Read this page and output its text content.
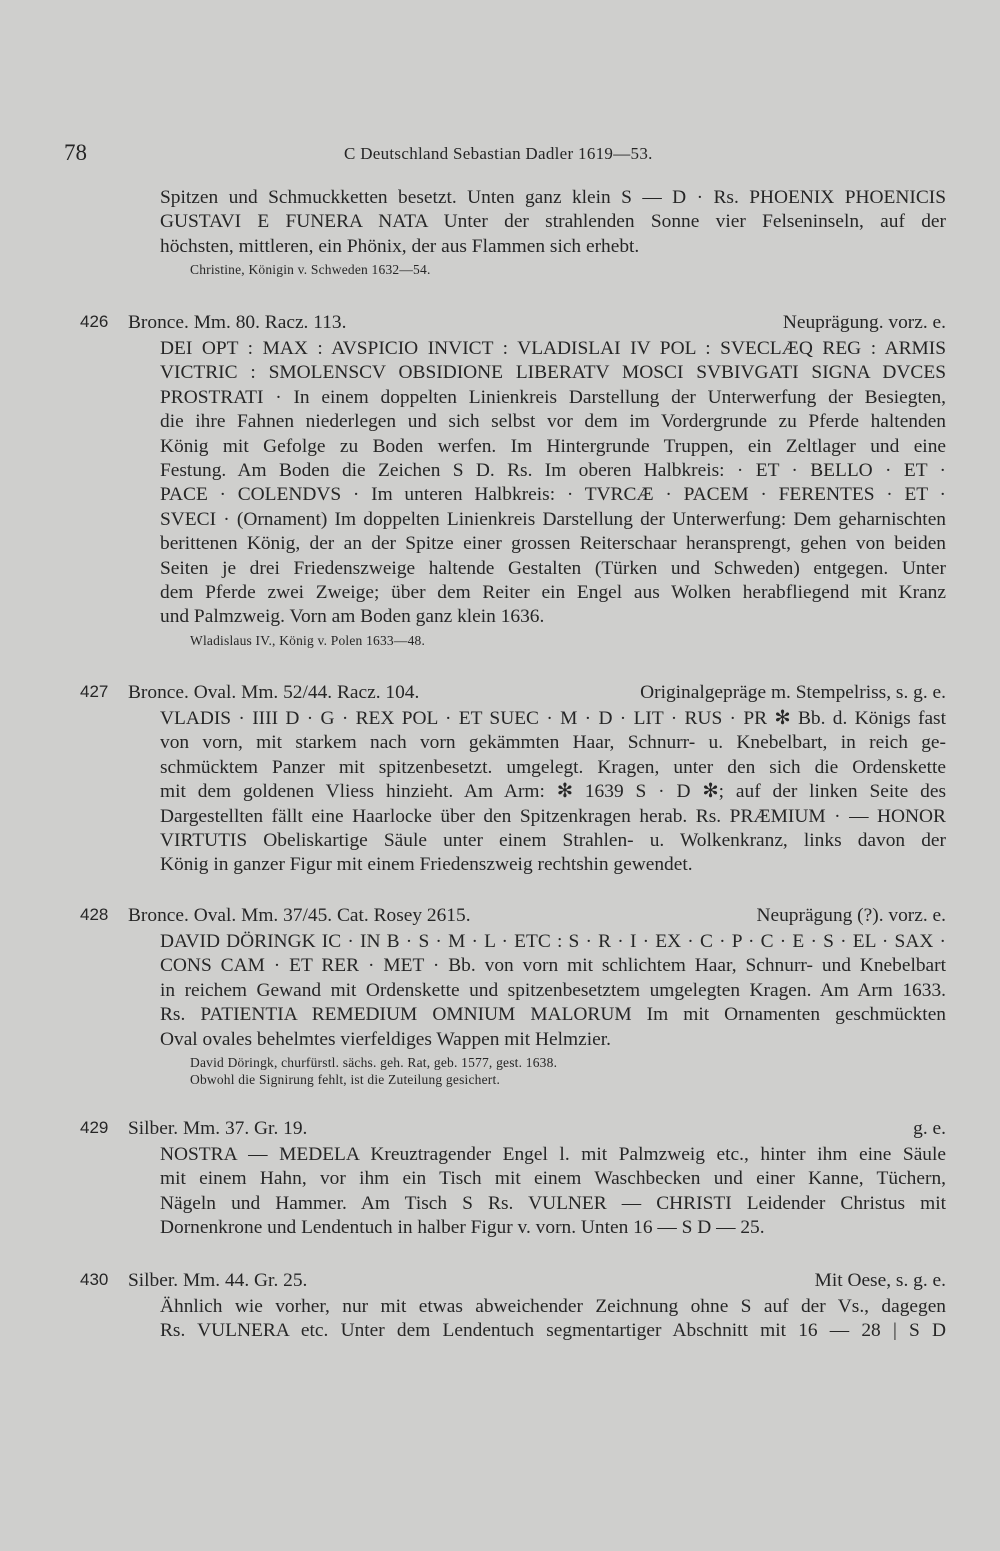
78	C Deutschland Sebastian Dadler 1619—53.
Spitzen und Schmuckketten besetzt. Unten ganz klein S — D · Rs. PHOENIX PHOENICIS
GUSTAVI E FUNERA NATA Unter der strahlenden Sonne vier Felseninseln, auf der
höchsten, mittleren, ein Phönix, der aus Flammen sich erhebt.
Christine, Königin v. Schweden 1632—54.
426 Bronce. Mm. 80. Racz. 113.	Neuprägung. vorz. e.
DEI OPT : MAX : AVSPICIO INVICT : VLADISLAI IV POL : SVECLÆQ REG : ARMIS
VICTRIC : SMOLENSCV OBSIDIONE LIBERATV MOSCI SVBIVGATI SIGNA DVCES
PROSTRATI · In einem doppelten Linienkreis Darstellung der Unterwerfung der Besiegten,
die ihre Fahnen niederlegen und sich selbst vor dem im Vordergrunde zu Pferde haltenden
König mit Gefolge zu Boden werfen. Im Hintergrunde Truppen, ein Zeltlager und eine
Festung. Am Boden die Zeichen S D. Rs. Im oberen Halbkreis: · ET · BELLO · ET ·
PACE · COLENDVS · Im unteren Halbkreis: · TVRCÆ · PACEM · FERENTES · ET ·
SVECI · (Ornament) Im doppelten Linienkreis Darstellung der Unterwerfung: Dem geharnischten
berittenen König, der an der Spitze einer grossen Reiterschaar heransprengt, gehen von beiden
Seiten je drei Friedenszweige haltende Gestalten (Türken und Schweden) entgegen. Unter
dem Pferde zwei Zweige; über dem Reiter ein Engel aus Wolken herabfliegend mit Kranz
und Palmzweig. Vorn am Boden ganz klein 1636.
Wladislaus IV., König v. Polen 1633—48.
427 Bronce. Oval. Mm. 52/44. Racz. 104.	Originalgepräge m. Stempelriss, s. g. e.
VLADIS · IIII D · G · REX POL · ET SUEC · M · D · LIT · RUS · PR ✻ Bb. d. Königs fast
von vorn, mit starkem nach vorn gekämmten Haar, Schnurr- u. Knebelbart, in reich ge-
schmücktem Panzer mit spitzenbesetzt. umgelegt. Kragen, unter den sich die Ordenskette
mit dem goldenen Vliess hinzieht. Am Arm: ✻ 1639 S · D ✻; auf der linken Seite des
Dargestellten fällt eine Haarlocke über den Spitzenkragen herab. Rs. PRÆMIUM · — HONOR
VIRTUTIS Obeliskartige Säule unter einem Strahlen- u. Wolkenkranz, links davon der
König in ganzer Figur mit einem Friedenszweig rechtshin gewendet.
428 Bronce. Oval. Mm. 37/45. Cat. Rosey 2615.	Neuprägung (?). vorz. e.
DAVID DÖRINGK IC · IN B · S · M · L · ETC : S · R · I · EX · C · P · C · E · S · EL · SAX ·
CONS CAM · ET RER · MET · Bb. von vorn mit schlichtem Haar, Schnurr- und Knebelbart
in reichem Gewand mit Ordenskette und spitzenbesetztem umgelegten Kragen. Am Arm 1633.
Rs. PATIENTIA REMEDIUM OMNIUM MALORUM Im mit Ornamenten geschmückten
Oval ovales behelmtes vierfeldiges Wappen mit Helmzier.
David Döringk, churfürstl. sächs. geh. Rat, geb. 1577, gest. 1638.
Obwohl die Signirung fehlt, ist die Zuteilung gesichert.
429 Silber. Mm. 37. Gr. 19.	g. e.
NOSTRA — MEDELA Kreuztragender Engel l. mit Palmzweig etc., hinter ihm eine Säule
mit einem Hahn, vor ihm ein Tisch mit einem Waschbecken und einer Kanne, Tüchern,
Nägeln und Hammer. Am Tisch S Rs. VULNER — CHRISTI Leidender Christus mit
Dornenkrone und Lendentuch in halber Figur v. vorn. Unten 16 — S D — 25.
430 Silber. Mm. 44. Gr. 25.	Mit Oese, s. g. e.
Ähnlich wie vorher, nur mit etwas abweichender Zeichnung ohne S auf der Vs., dagegen
Rs. VULNERA etc. Unter dem Lendentuch segmentartiger Abschnitt mit 16 — 28 | S D
